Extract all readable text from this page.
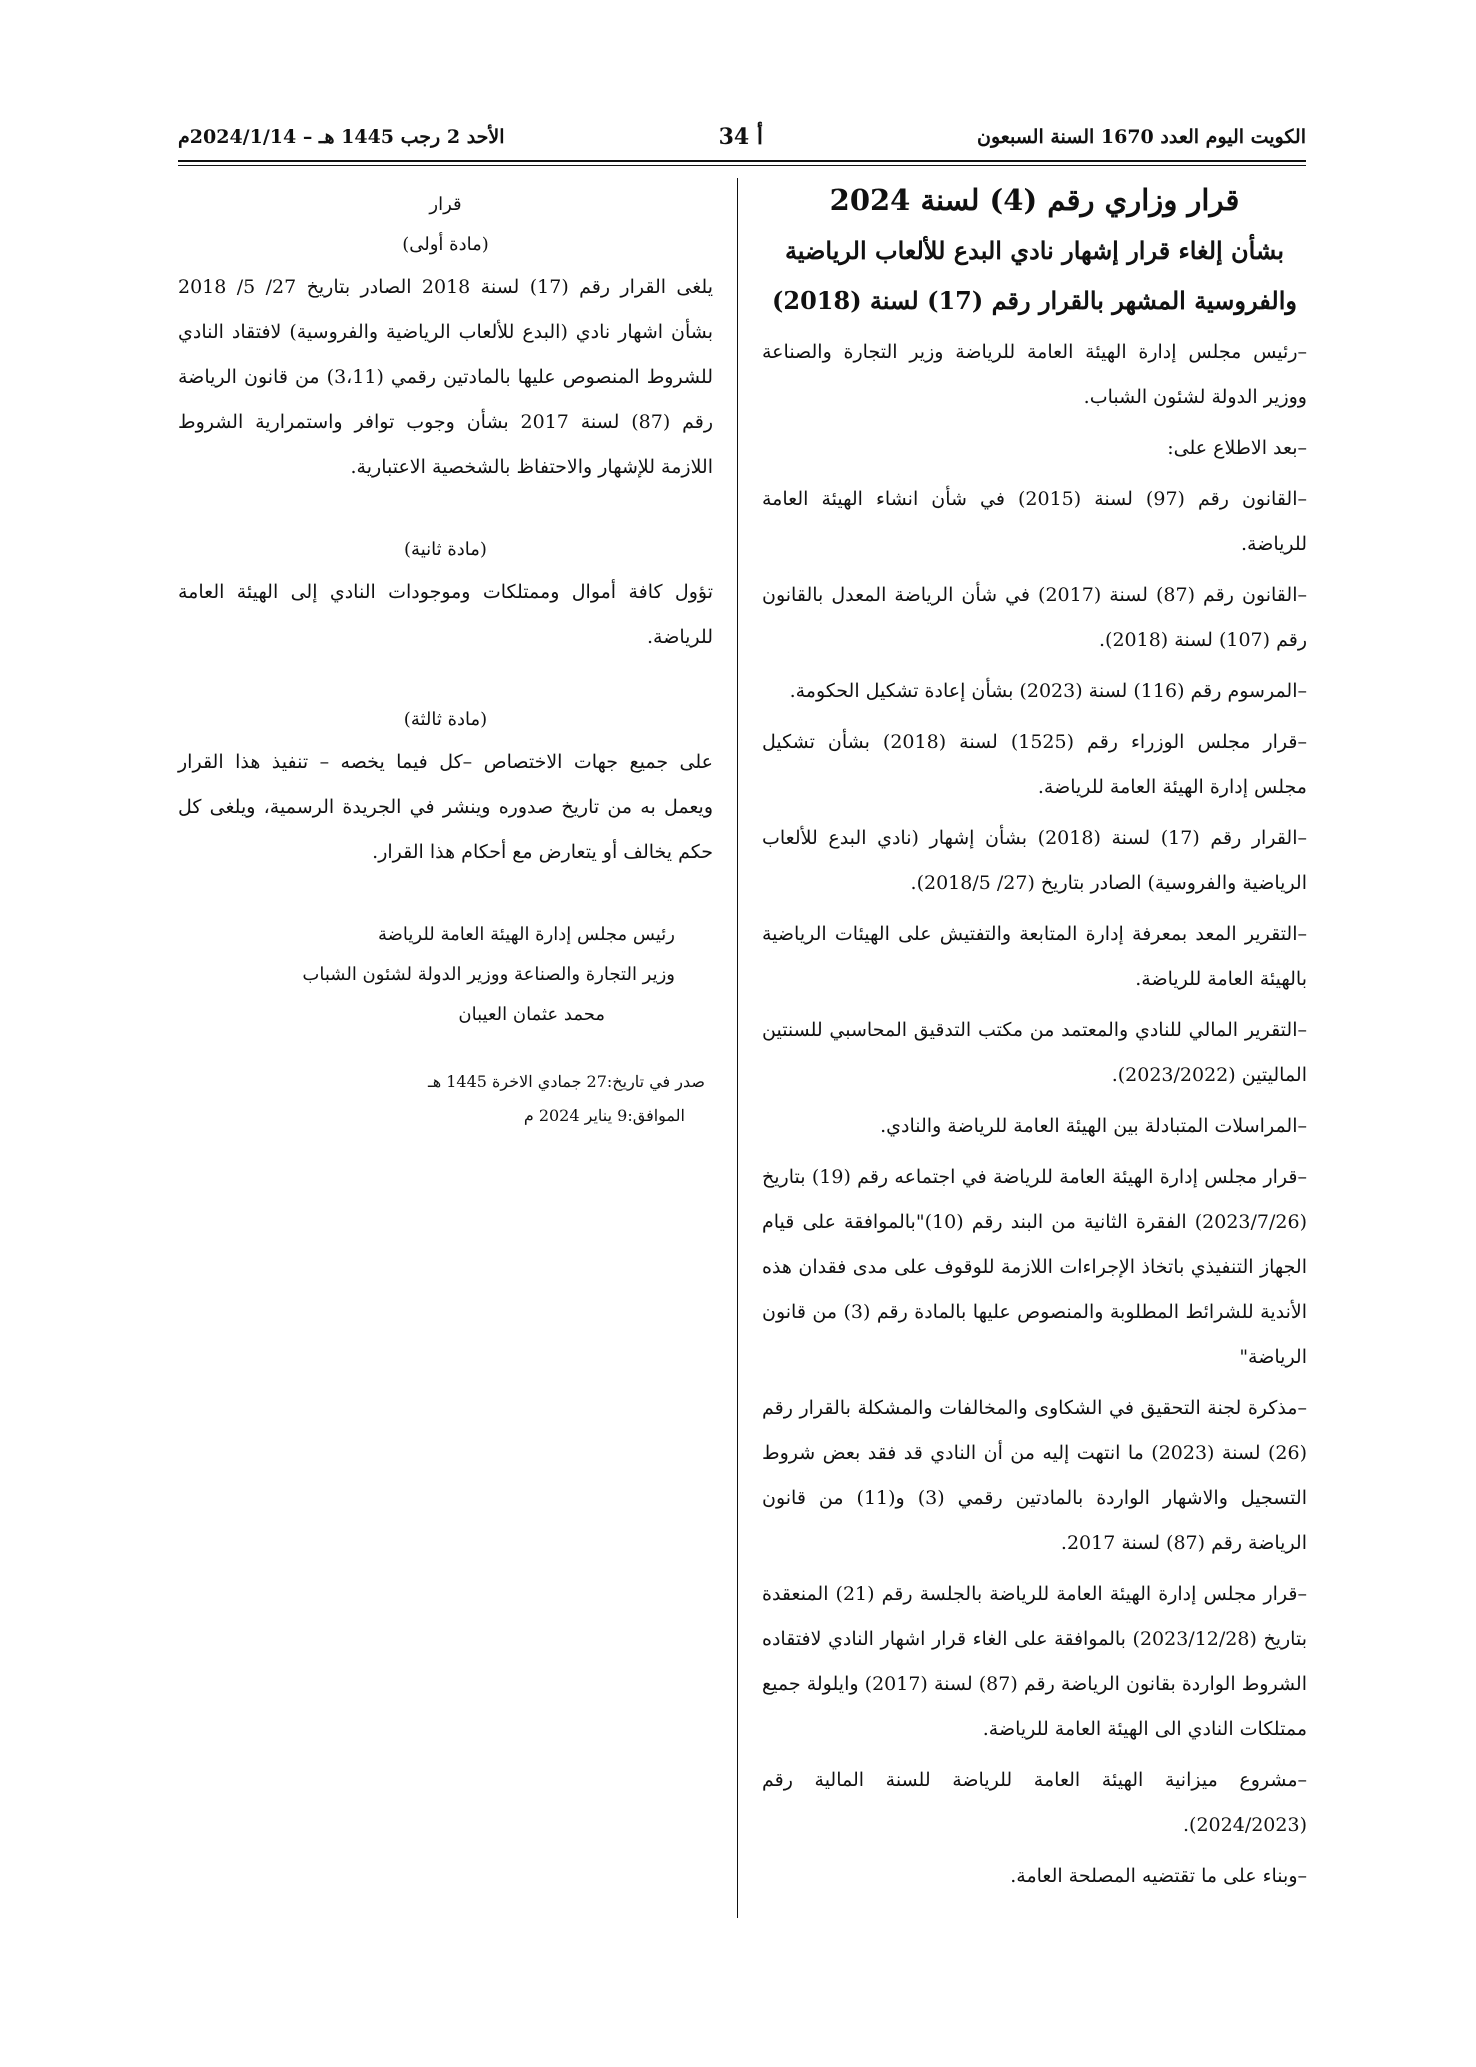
الكويت اليوم العدد 1670 السنة السبعون
أ 34
الأحد 2 رجب 1445 هـ – 2024/1/14م
قرار وزاري رقم (4) لسنة 2024
بشأن إلغاء قرار إشهار نادي البدع للألعاب الرياضية
والفروسية المشهر بالقرار رقم (17) لسنة (2018)
–رئيس مجلس إدارة الهيئة العامة للرياضة وزير التجارة والصناعة ووزير الدولة لشئون الشباب.
–بعد الاطلاع على:
–القانون رقم (97) لسنة (2015) في شأن انشاء الهيئة العامة للرياضة.
–القانون رقم (87) لسنة (2017) في شأن الرياضة المعدل بالقانون رقم (107) لسنة (2018).
–المرسوم رقم (116) لسنة (2023) بشأن إعادة تشكيل الحكومة.
–قرار مجلس الوزراء رقم (1525) لسنة (2018) بشأن تشكيل مجلس إدارة الهيئة العامة للرياضة.
–القرار رقم (17) لسنة (2018) بشأن إشهار (نادي البدع للألعاب الرياضية والفروسية) الصادر بتاريخ (27/ 2018/5).
–التقرير المعد بمعرفة إدارة المتابعة والتفتيش على الهيئات الرياضية بالهيئة العامة للرياضة.
–التقرير المالي للنادي والمعتمد من مكتب التدقيق المحاسبي للسنتين الماليتين (2023/2022).
–المراسلات المتبادلة بين الهيئة العامة للرياضة والنادي.
–قرار مجلس إدارة الهيئة العامة للرياضة في اجتماعه رقم (19) بتاريخ (2023/7/26) الفقرة الثانية من البند رقم (10)"بالموافقة على قيام الجهاز التنفيذي باتخاذ الإجراءات اللازمة للوقوف على مدى فقدان هذه الأندية للشرائط المطلوبة والمنصوص عليها بالمادة رقم (3) من قانون الرياضة"
–مذكرة لجنة التحقيق في الشكاوى والمخالفات والمشكلة بالقرار رقم (26) لسنة (2023) ما انتهت إليه من أن النادي قد فقد بعض شروط التسجيل والاشهار الواردة بالمادتين رقمي (3) و(11) من قانون الرياضة رقم (87) لسنة 2017.
–قرار مجلس إدارة الهيئة العامة للرياضة بالجلسة رقم (21) المنعقدة بتاريخ (2023/12/28) بالموافقة على الغاء قرار اشهار النادي لافتقاده الشروط الواردة بقانون الرياضة رقم (87) لسنة (2017) وايلولة جميع ممتلكات النادي الى الهيئة العامة للرياضة.
–مشروع ميزانية الهيئة العامة للرياضة للسنة المالية رقم (2024/2023).
–وبناء على ما تقتضيه المصلحة العامة.
قرار
(مادة أولى)
يلغى القرار رقم (17) لسنة 2018 الصادر بتاريخ 27/ 5/ 2018 بشأن اشهار نادي (البدع للألعاب الرياضية والفروسية) لافتقاد النادي للشروط المنصوص عليها بالمادتين رقمي (3،11) من قانون الرياضة رقم (87) لسنة 2017 بشأن وجوب توافر واستمرارية الشروط اللازمة للإشهار والاحتفاظ بالشخصية الاعتبارية.
(مادة ثانية)
تؤول كافة أموال وممتلكات وموجودات النادي إلى الهيئة العامة للرياضة.
(مادة ثالثة)
على جميع جهات الاختصاص –كل فيما يخصه – تنفيذ هذا القرار ويعمل به من تاريخ صدوره وينشر في الجريدة الرسمية، ويلغى كل حكم يخالف أو يتعارض مع أحكام هذا القرار.
رئيس مجلس إدارة الهيئة العامة للرياضة
وزير التجارة والصناعة ووزير الدولة لشئون الشباب
محمد عثمان العيبان
صدر في تاريخ:27 جمادي الاخرة 1445 هـ
الموافق:9 يناير 2024 م
